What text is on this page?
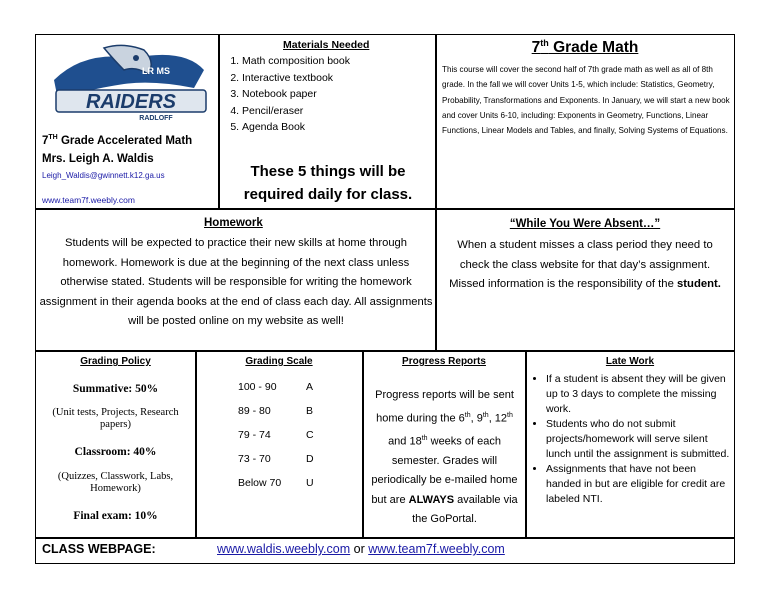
RAIDERS
LR MS
RADLOFF
7TH Grade Accelerated Math
Mrs. Leigh A. Waldis
Leigh_Waldis@gwinnett.k12.ga.us
www.team7f.weebly.com
Materials Needed
1. Math composition book
2. Interactive textbook
3. Notebook paper
4. Pencil/eraser
5. Agenda Book
These 5 things will be required daily for class.
7th Grade Math
This course will cover the second half of 7th grade math as well as all of 8th grade. In the fall we will cover Units 1-5, which include: Statistics, Geometry, Probability, Transformations and Exponents. In January, we will start a new book and cover Units 6-10, including: Exponents in Geometry, Functions, Linear Functions, Linear Models and Tables, and finally, Solving Systems of Equations.
Homework
Students will be expected to practice their new skills at home through homework. Homework is due at the beginning of the next class unless otherwise stated. Students will be responsible for writing the homework assignment in their agenda books at the end of class each day. All assignments will be posted online on my website as well!
“While You Were Absent…”
When a student misses a class period they need to check the class website for that day’s assignment. Missed information is the responsibility of the student.
Grading Policy
Summative: 50%
(Unit tests, Projects, Research papers)
Classroom: 40%
(Quizzes, Classwork, Labs, Homework)
Final exam: 10%
Grading Scale
100 - 90	A
89 - 80	B
79 - 74	C
73 - 70	D
Below 70	U
Progress Reports
Progress reports will be sent home during the 6th, 9th, 12th and 18th weeks of each semester. Grades will periodically be e-mailed home but are ALWAYS available via the GoPortal.
Late Work
• If a student is absent they will be given up to 3 days to complete the missing work.
• Students who do not submit projects/homework will serve silent lunch until the assignment is submitted.
• Assignments that have not been handed in but are eligible for credit are labeled NTI.
CLASS WEBPAGE:	www.waldis.weebly.com or www.team7f.weebly.com
